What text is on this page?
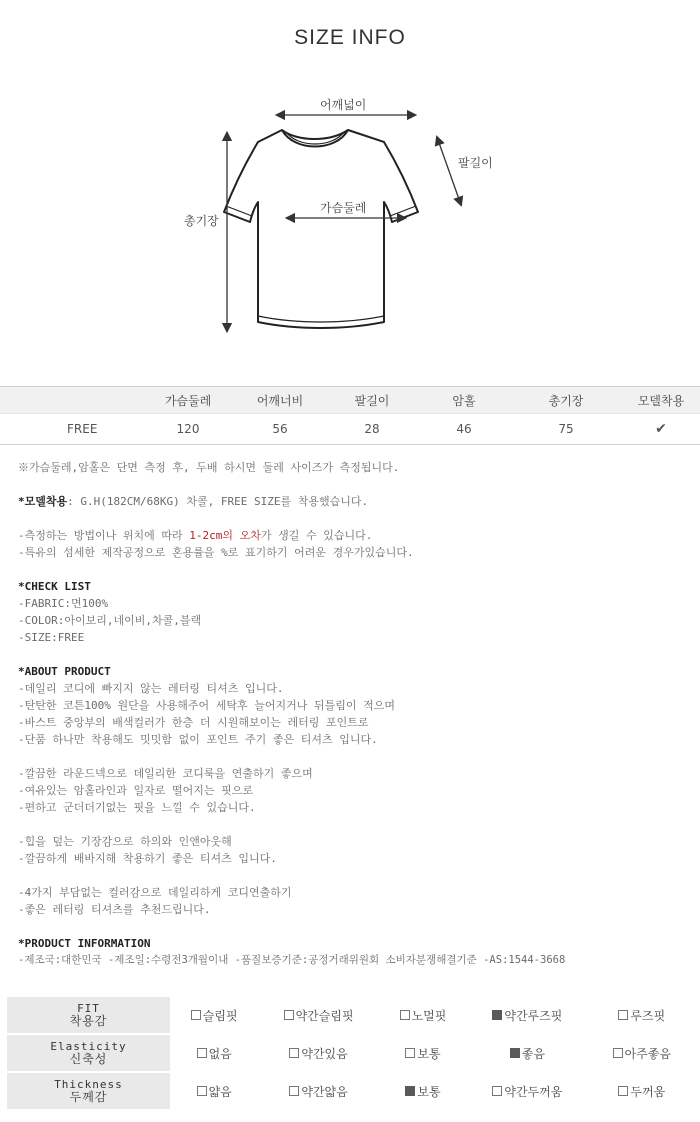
SIZE INFO
어깨넓이
팔길이
가슴둘레
총기장
	가슴둘레	어깨너비	팔길이	암홀	총기장	모델착용
FREE	120	56	28	46	75	✔
※가슴둘레,암홀은 단면 측정 후, 두배 하시면 둘레 사이즈가 측정됩니다.
*모델착용: G.H(182CM/68KG) 차콜, FREE SIZE를 착용했습니다.
-측정하는 방법이나 위치에 따라 1-2cm의 오차가 생길 수 있습니다.
-특유의 섬세한 제작공정으로 혼용률을 %로 표기하기 어려운 경우가있습니다.
*CHECK LIST
-FABRIC:면100%
-COLOR:아이보리,네이비,차콜,블랙
-SIZE:FREE
*ABOUT PRODUCT
-데일리 코디에 빠지지 않는 레터링 티셔츠 입니다.
-탄탄한 코튼100% 원단을 사용해주어 세탁후 늘어지거나 뒤틀림이 적으며
-바스트 중앙부의 배색컬러가 한층 더 시원해보이는 레터링 포인트로
-단품 하나만 착용해도 밋밋함 없이 포인트 주기 좋은 티셔츠 입니다.
-깔끔한 라운드넥으로 데일리한 코디룩을 연출하기 좋으며
-여유있는 암홀라인과 일자로 떨어지는 핏으로
-편하고 군더더기없는 핏을 느낄 수 있습니다.
-힙을 덮는 기장감으로 하의와 인앤아웃해
-깔끔하게 배바지해 착용하기 좋은 티셔츠 입니다.
-4가지 부담없는 컬러감으로 데일리하게 코디연출하기
-좋은 레터링 티셔츠를 추천드립니다.
*PRODUCT INFORMATION
-제조국:대한민국 -제조일:수령전3개월이내 -품질보증기준:공정거래위원회 소비자분쟁해결기준 -AS:1544-3668
FIT
착용감	슬림핏	약간슬림핏	노멀핏	약간루즈핏	루즈핏

Elasticity
신축성	없음	약간있음	보통	좋음	아주좋음

Thickness
두께감	얇음	약간얇음	보통	약간두꺼움	두꺼움
